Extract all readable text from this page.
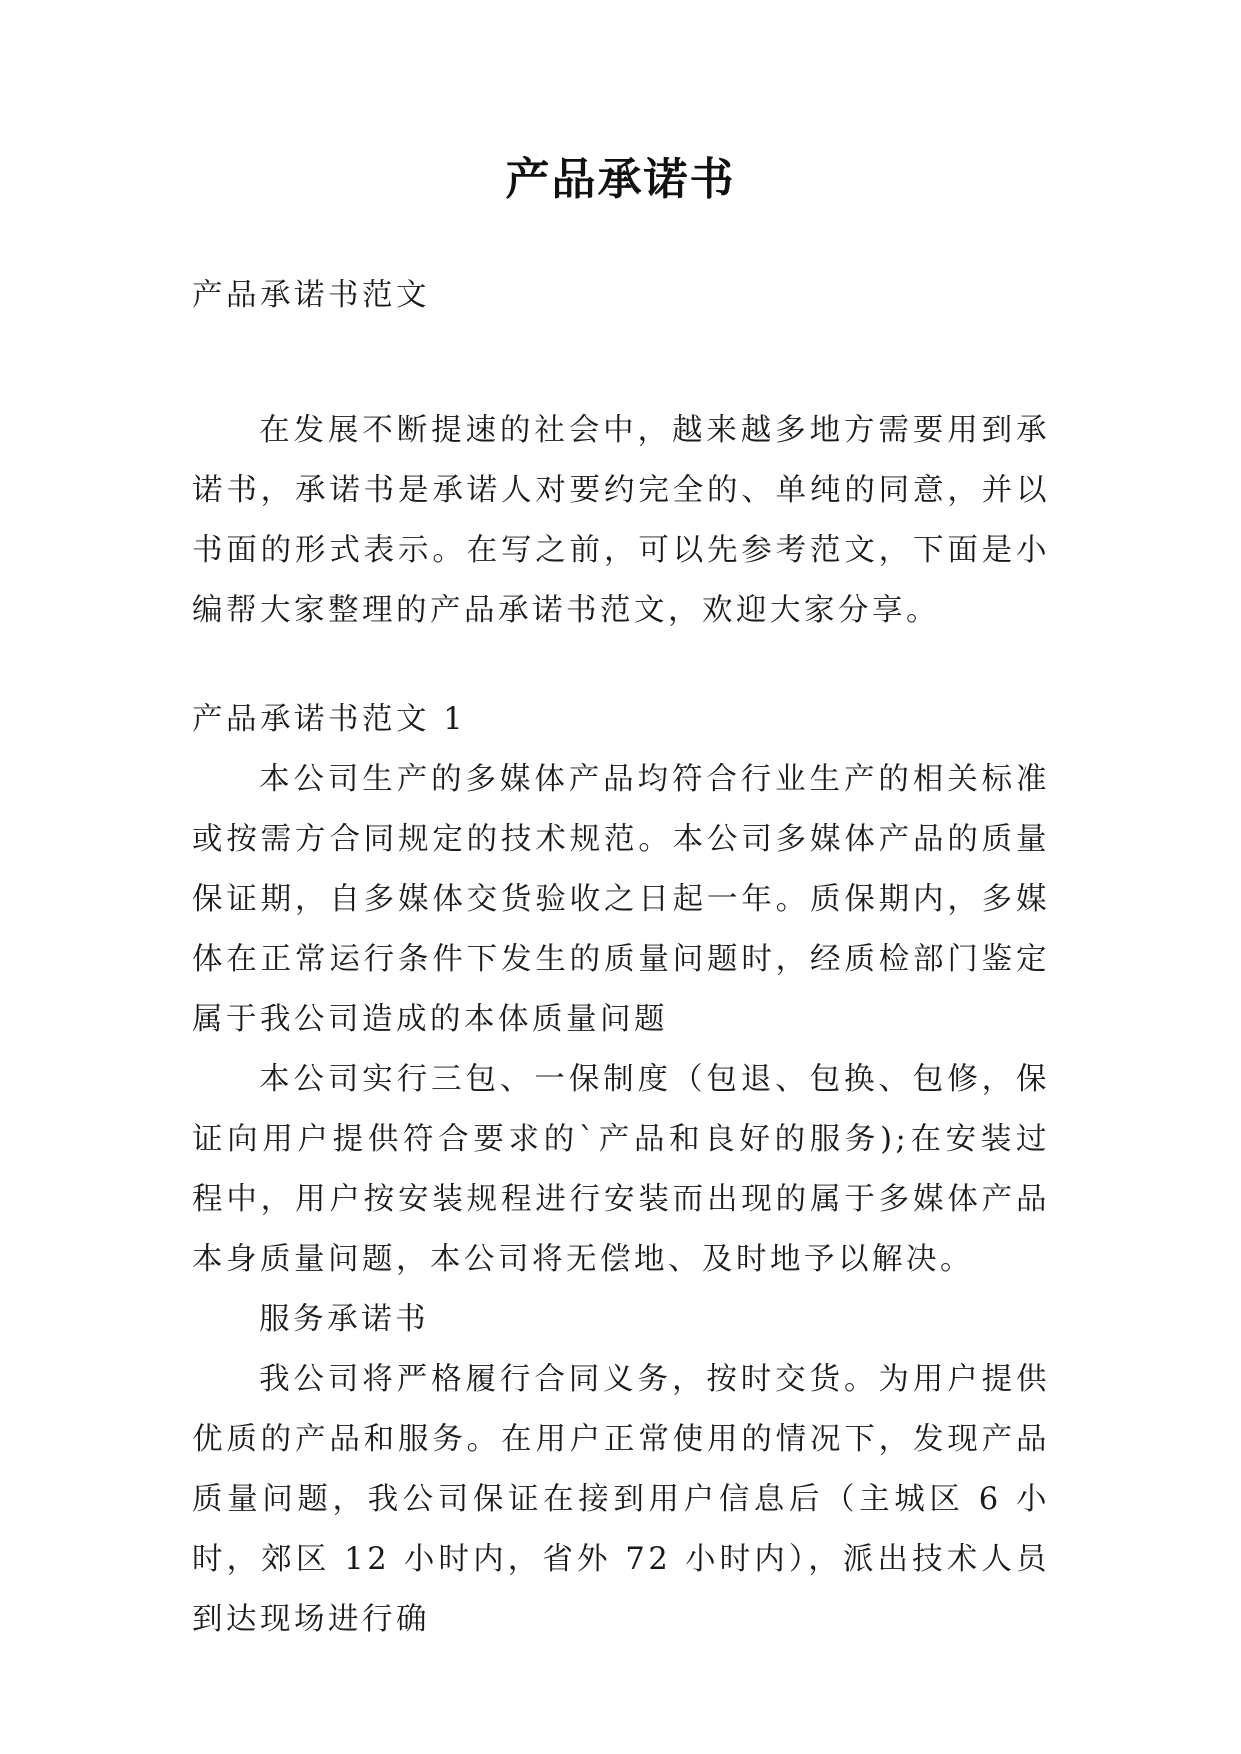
产品承诺书

产品承诺书范文

在发展不断提速的社会中，越来越多地方需要用到承诺书，承诺书是承诺人对要约完全的、单纯的同意，并以书面的形式表示。在写之前，可以先参考范文，下面是小编帮大家整理的产品承诺书范文，欢迎大家分享。

产品承诺书范文 1

本公司生产的多媒体产品均符合行业生产的相关标准或按需方合同规定的技术规范。本公司多媒体产品的质量保证期，自多媒体交货验收之日起一年。质保期内，多媒体在正常运行条件下发生的质量问题时，经质检部门鉴定属于我公司造成的本体质量问题

本公司实行三包、一保制度（包退、包换、包修，保证向用户提供符合要求的`产品和良好的服务);在安装过程中，用户按安装规程进行安装而出现的属于多媒体产品本身质量问题，本公司将无偿地、及时地予以解决。

服务承诺书

我公司将严格履行合同义务，按时交货。为用户提供优质的产品和服务。在用户正常使用的情况下，发现产品质量问题，我公司保证在接到用户信息后（主城区 6 小时，郊区 12 小时内，省外 72 小时内），派出技术人员到达现场进行确
